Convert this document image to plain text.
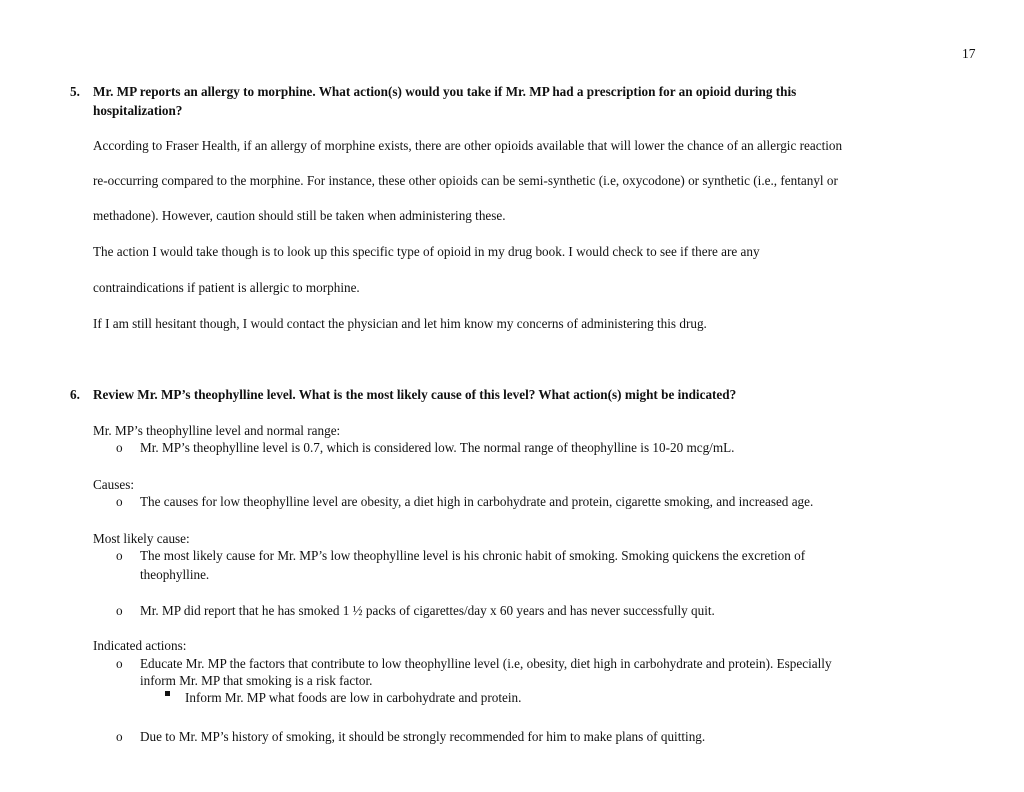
17
5. Mr. MP reports an allergy to morphine. What action(s) would you take if Mr. MP had a prescription for an opioid during this
hospitalization?
According to Fraser Health, if an allergy of morphine exists, there are other opioids available that will lower the chance of an allergic reaction
re-occurring compared to the morphine. For instance, these other opioids can be semi-synthetic (i.e, oxycodone) or synthetic (i.e., fentanyl or
methadone). However, caution should still be taken when administering these.
The action I would take though is to look up this specific type of opioid in my drug book. I would check to see if there are any
contraindications if patient is allergic to morphine.
If I am still hesitant though, I would contact the physician and let him know my concerns of administering this drug.
6. Review Mr. MP’s theophylline level. What is the most likely cause of this level? What action(s) might be indicated?
Mr. MP’s theophylline level and normal range:
o Mr. MP’s theophylline level is 0.7, which is considered low. The normal range of theophylline is 10-20 mcg/mL.
Causes:
o The causes for low theophylline level are obesity, a diet high in carbohydrate and protein, cigarette smoking, and increased age.
Most likely cause:
o The most likely cause for Mr. MP’s low theophylline level is his chronic habit of smoking. Smoking quickens the excretion of
theophylline.
o Mr. MP did report that he has smoked 1 ½ packs of cigarettes/day x 60 years and has never successfully quit.
Indicated actions:
o Educate Mr. MP the factors that contribute to low theophylline level (i.e, obesity, diet high in carbohydrate and protein). Especially
inform Mr. MP that smoking is a risk factor.
Inform Mr. MP what foods are low in carbohydrate and protein.
o Due to Mr. MP’s history of smoking, it should be strongly recommended for him to make plans of quitting.
